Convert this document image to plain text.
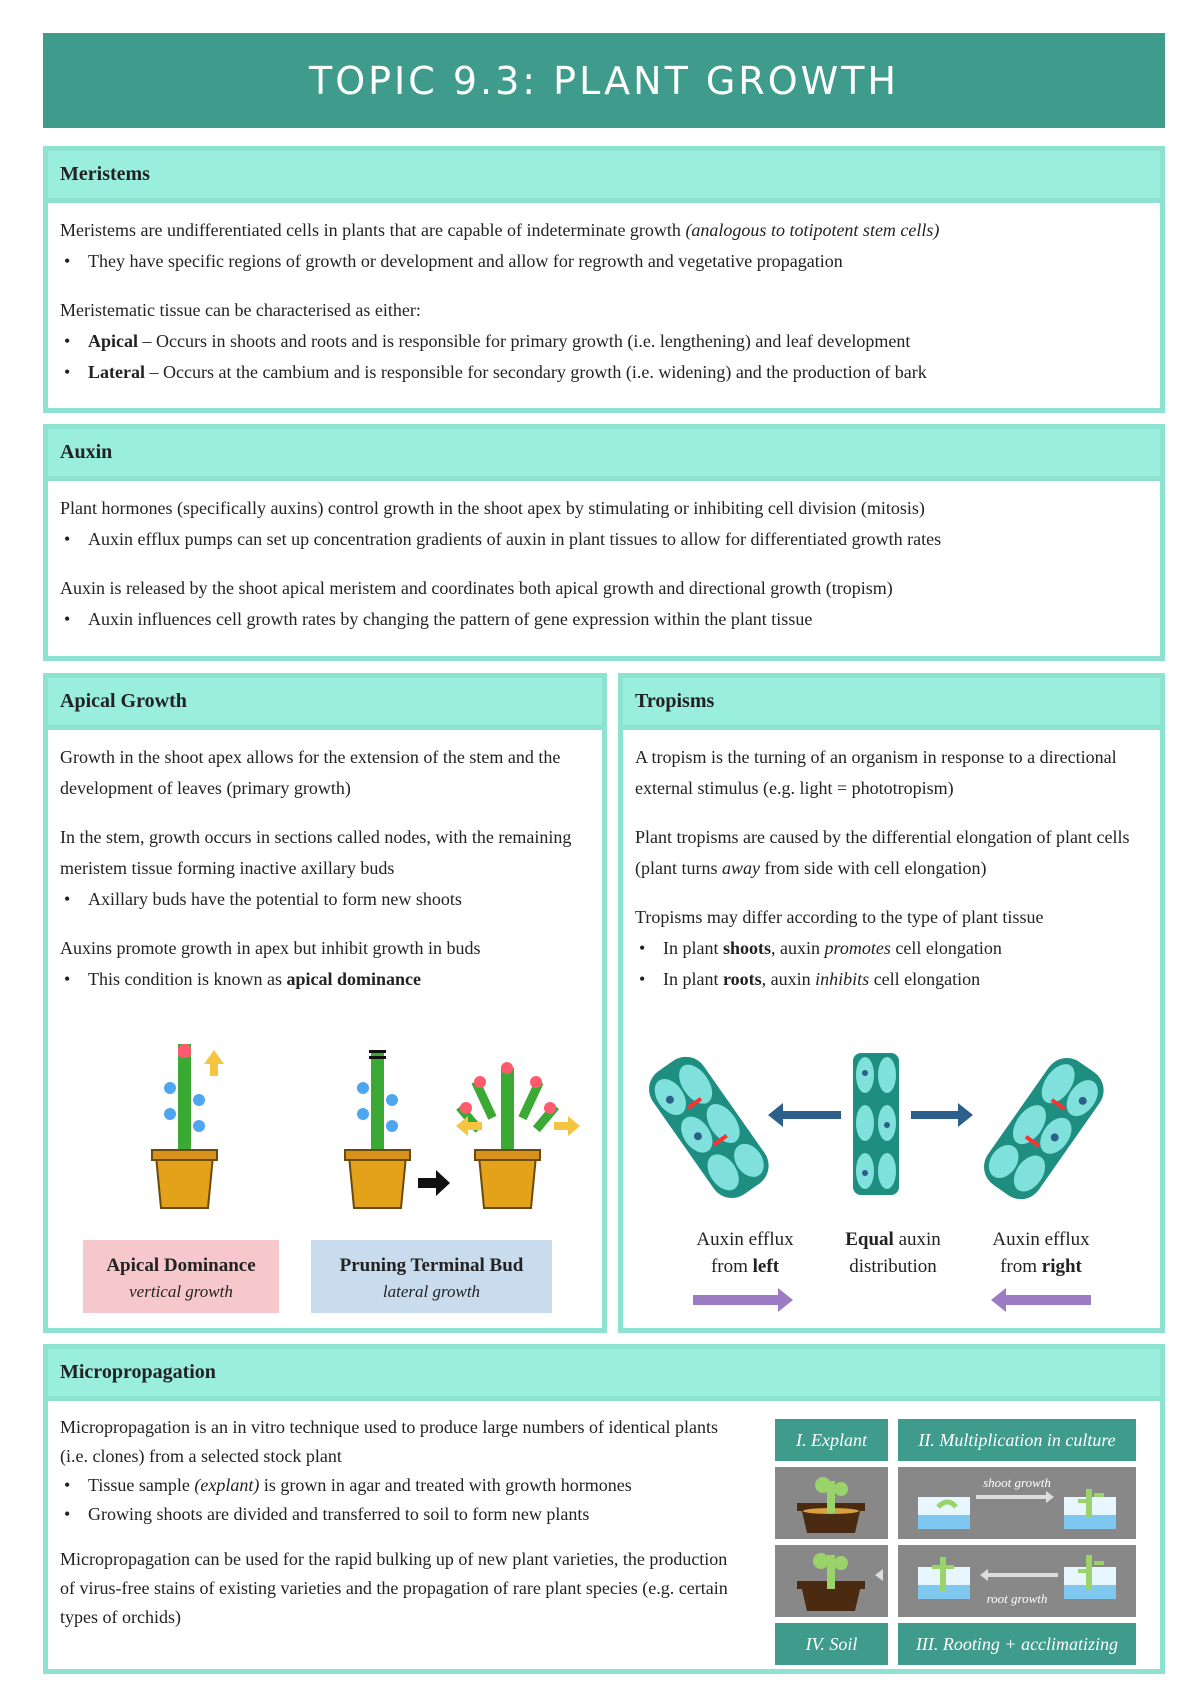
TOPIC 9.3: PLANT GROWTH
Meristems

Meristems are undifferentiated cells in plants that are capable of indeterminate growth (analogous to totipotent stem cells)

• They have specific regions of growth or development and allow for regrowth and vegetative propagation

Meristematic tissue can be characterised as either:

• Apical – Occurs in shoots and roots and is responsible for primary growth (i.e. lengthening) and leaf development
• Lateral – Occurs at the cambium and is responsible for secondary growth (i.e. widening) and the production of bark
Auxin

Plant hormones (specifically auxins) control growth in the shoot apex by stimulating or inhibiting cell division (mitosis)

• Auxin efflux pumps can set up concentration gradients of auxin in plant tissues to allow for differentiated growth rates

Auxin is released by the shoot apical meristem and coordinates both apical growth and directional growth (tropism)

• Auxin influences cell growth rates by changing the pattern of gene expression within the plant tissue
Apical Growth

Growth in the shoot apex allows for the extension of the stem and the development of leaves (primary growth)

In the stem, growth occurs in sections called nodes, with the remaining meristem tissue forming inactive axillary buds

• Axillary buds have the potential to form new shoots

Auxins promote growth in apex but inhibit growth in buds

• This condition is known as apical dominance
Apical Dominance
vertical growth
Pruning Terminal Bud
lateral growth
Tropisms

A tropism is the turning of an organism in response to a directional external stimulus (e.g. light = phototropism)

Plant tropisms are caused by the differential elongation of plant cells (plant turns away from side with cell elongation)

Tropisms may differ according to the type of plant tissue

• In plant shoots, auxin promotes cell elongation
• In plant roots, auxin inhibits cell elongation
Auxin efflux
from left
Equal auxin
distribution
Auxin efflux
from right
Micropropagation

Micropropagation is an in vitro technique used to produce large numbers of identical plants (i.e. clones) from a selected stock plant

• Tissue sample (explant) is grown in agar and treated with growth hormones
• Growing shoots are divided and transferred to soil to form new plants

Micropropagation can be used for the rapid bulking up of new plant varieties, the production of virus-free stains of existing varieties and the propagation of rare plant species (e.g. certain types of orchids)

I. Explant	II. Multiplication in culture
shoot growth
root growth
IV. Soil	III. Rooting + acclimatizing
